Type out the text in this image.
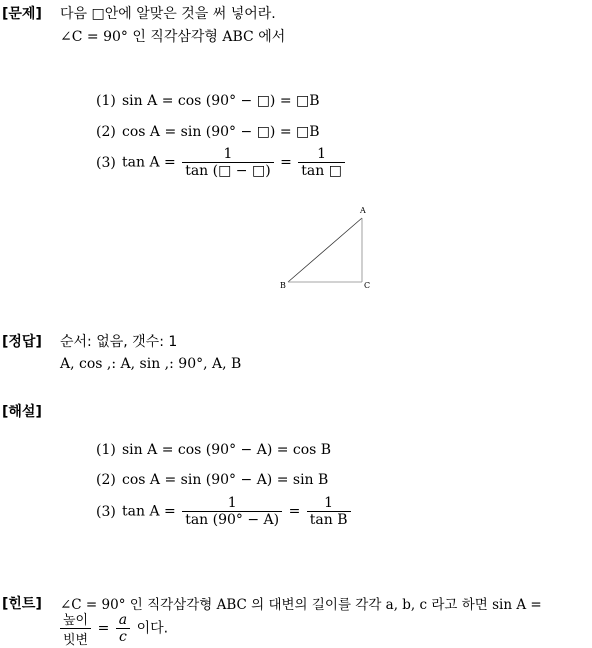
[문제] 다음 □안에 알맞은 것을 써 넣어라.
∠C = 90° 인 직각삼각형 ABC 에서
(1) sin A = cos (90° − □) = □B
(2) cos A = sin (90° − □) = □B
(3) $\tan A = \frac{1}{\tan (□ - □)} = \frac{1}{\tan □}$
A
B	C
[정답] 순서: 없음, 갯수: 1
A, cos ,: A, sin ,: 90°, A, B
[해설]
(1) sin A = cos (90° − A) = cos B
(2) cos A = sin (90° − A) = sin B
(3) $\tan A = \frac{1}{\tan (90^\circ - A)} = \frac{1}{\text{tan B}}$
[힌트] ∠C = 90° 인 직각삼각형 ABC 의 대변의 길이를 각각 a, b, c 라고 하면 sin A =
$\frac{\text{높이}}{\text{빗변}} = \frac{a}{c}$ 이다.
